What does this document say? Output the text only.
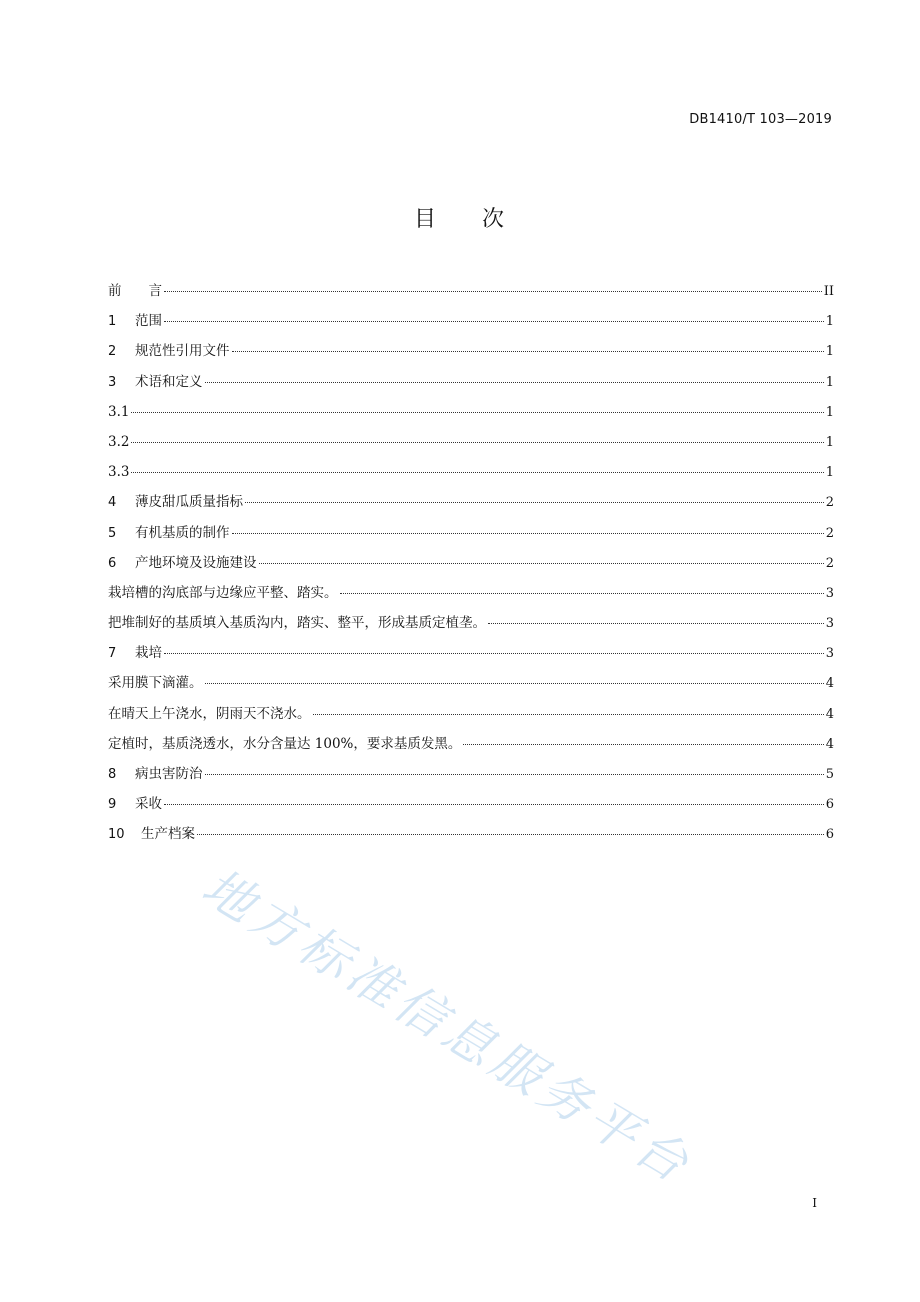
DB1410/T 103—2019
目 次
前　　言	II
1	范围	1
2	规范性引用文件	1
3	术语和定义	1
3.1	1
3.2	1
3.3	1
4	薄皮甜瓜质量指标	2
5	有机基质的制作	2
6	产地环境及设施建设	2
栽培槽的沟底部与边缘应平整、踏实。	3
把堆制好的基质填入基质沟内，踏实、整平，形成基质定植垄。	3
7	栽培	3
采用膜下滴灌。	4
在晴天上午浇水，阴雨天不浇水。	4
定植时，基质浇透水，水分含量达 100%，要求基质发黑。	4
8	病虫害防治	5
9	采收	6
10	生产档案	6
地方标准信息服务平台
I
